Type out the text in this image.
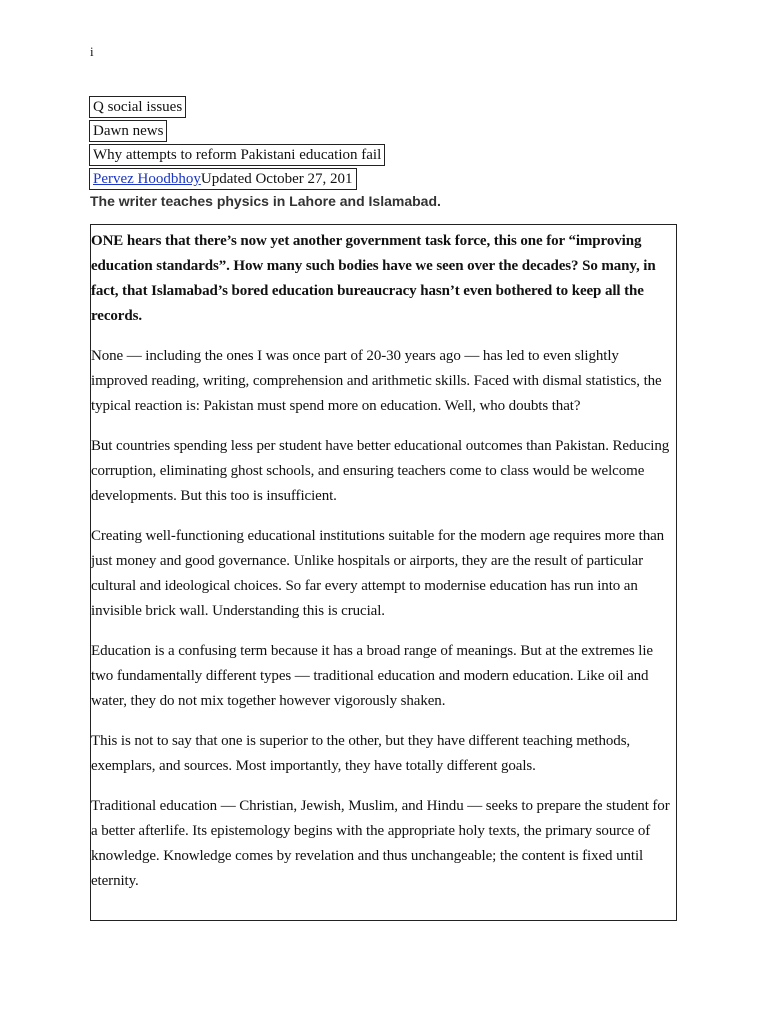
i
Q social issues
Dawn news
Why attempts to reform Pakistani education fail
Pervez HoodbhoyUpdated October 27, 201
The writer teaches physics in Lahore and Islamabad.

ONE hears that there’s now yet another government task force, this one for “improving education standards”. How many such bodies have we seen over the decades? So many, in fact, that Islamabad’s bored education bureaucracy hasn’t even bothered to keep all the records.

None — including the ones I was once part of 20-30 years ago — has led to even slightly improved reading, writing, comprehension and arithmetic skills. Faced with dismal statistics, the typical reaction is: Pakistan must spend more on education. Well, who doubts that?

But countries spending less per student have better educational outcomes than Pakistan. Reducing corruption, eliminating ghost schools, and ensuring teachers come to class would be welcome developments. But this too is insufficient.

Creating well-functioning educational institutions suitable for the modern age requires more than just money and good governance. Unlike hospitals or airports, they are the result of particular cultural and ideological choices. So far every attempt to modernise education has run into an invisible brick wall. Understanding this is crucial.

Education is a confusing term because it has a broad range of meanings. But at the extremes lie two fundamentally different types — traditional education and modern education. Like oil and water, they do not mix together however vigorously shaken.

This is not to say that one is superior to the other, but they have different teaching methods, exemplars, and sources. Most importantly, they have totally different goals.

Traditional education — Christian, Jewish, Muslim, and Hindu — seeks to prepare the student for a better afterlife. Its epistemology begins with the appropriate holy texts, the primary source of knowledge. Knowledge comes by revelation and thus unchangeable; the content is fixed until eternity.
